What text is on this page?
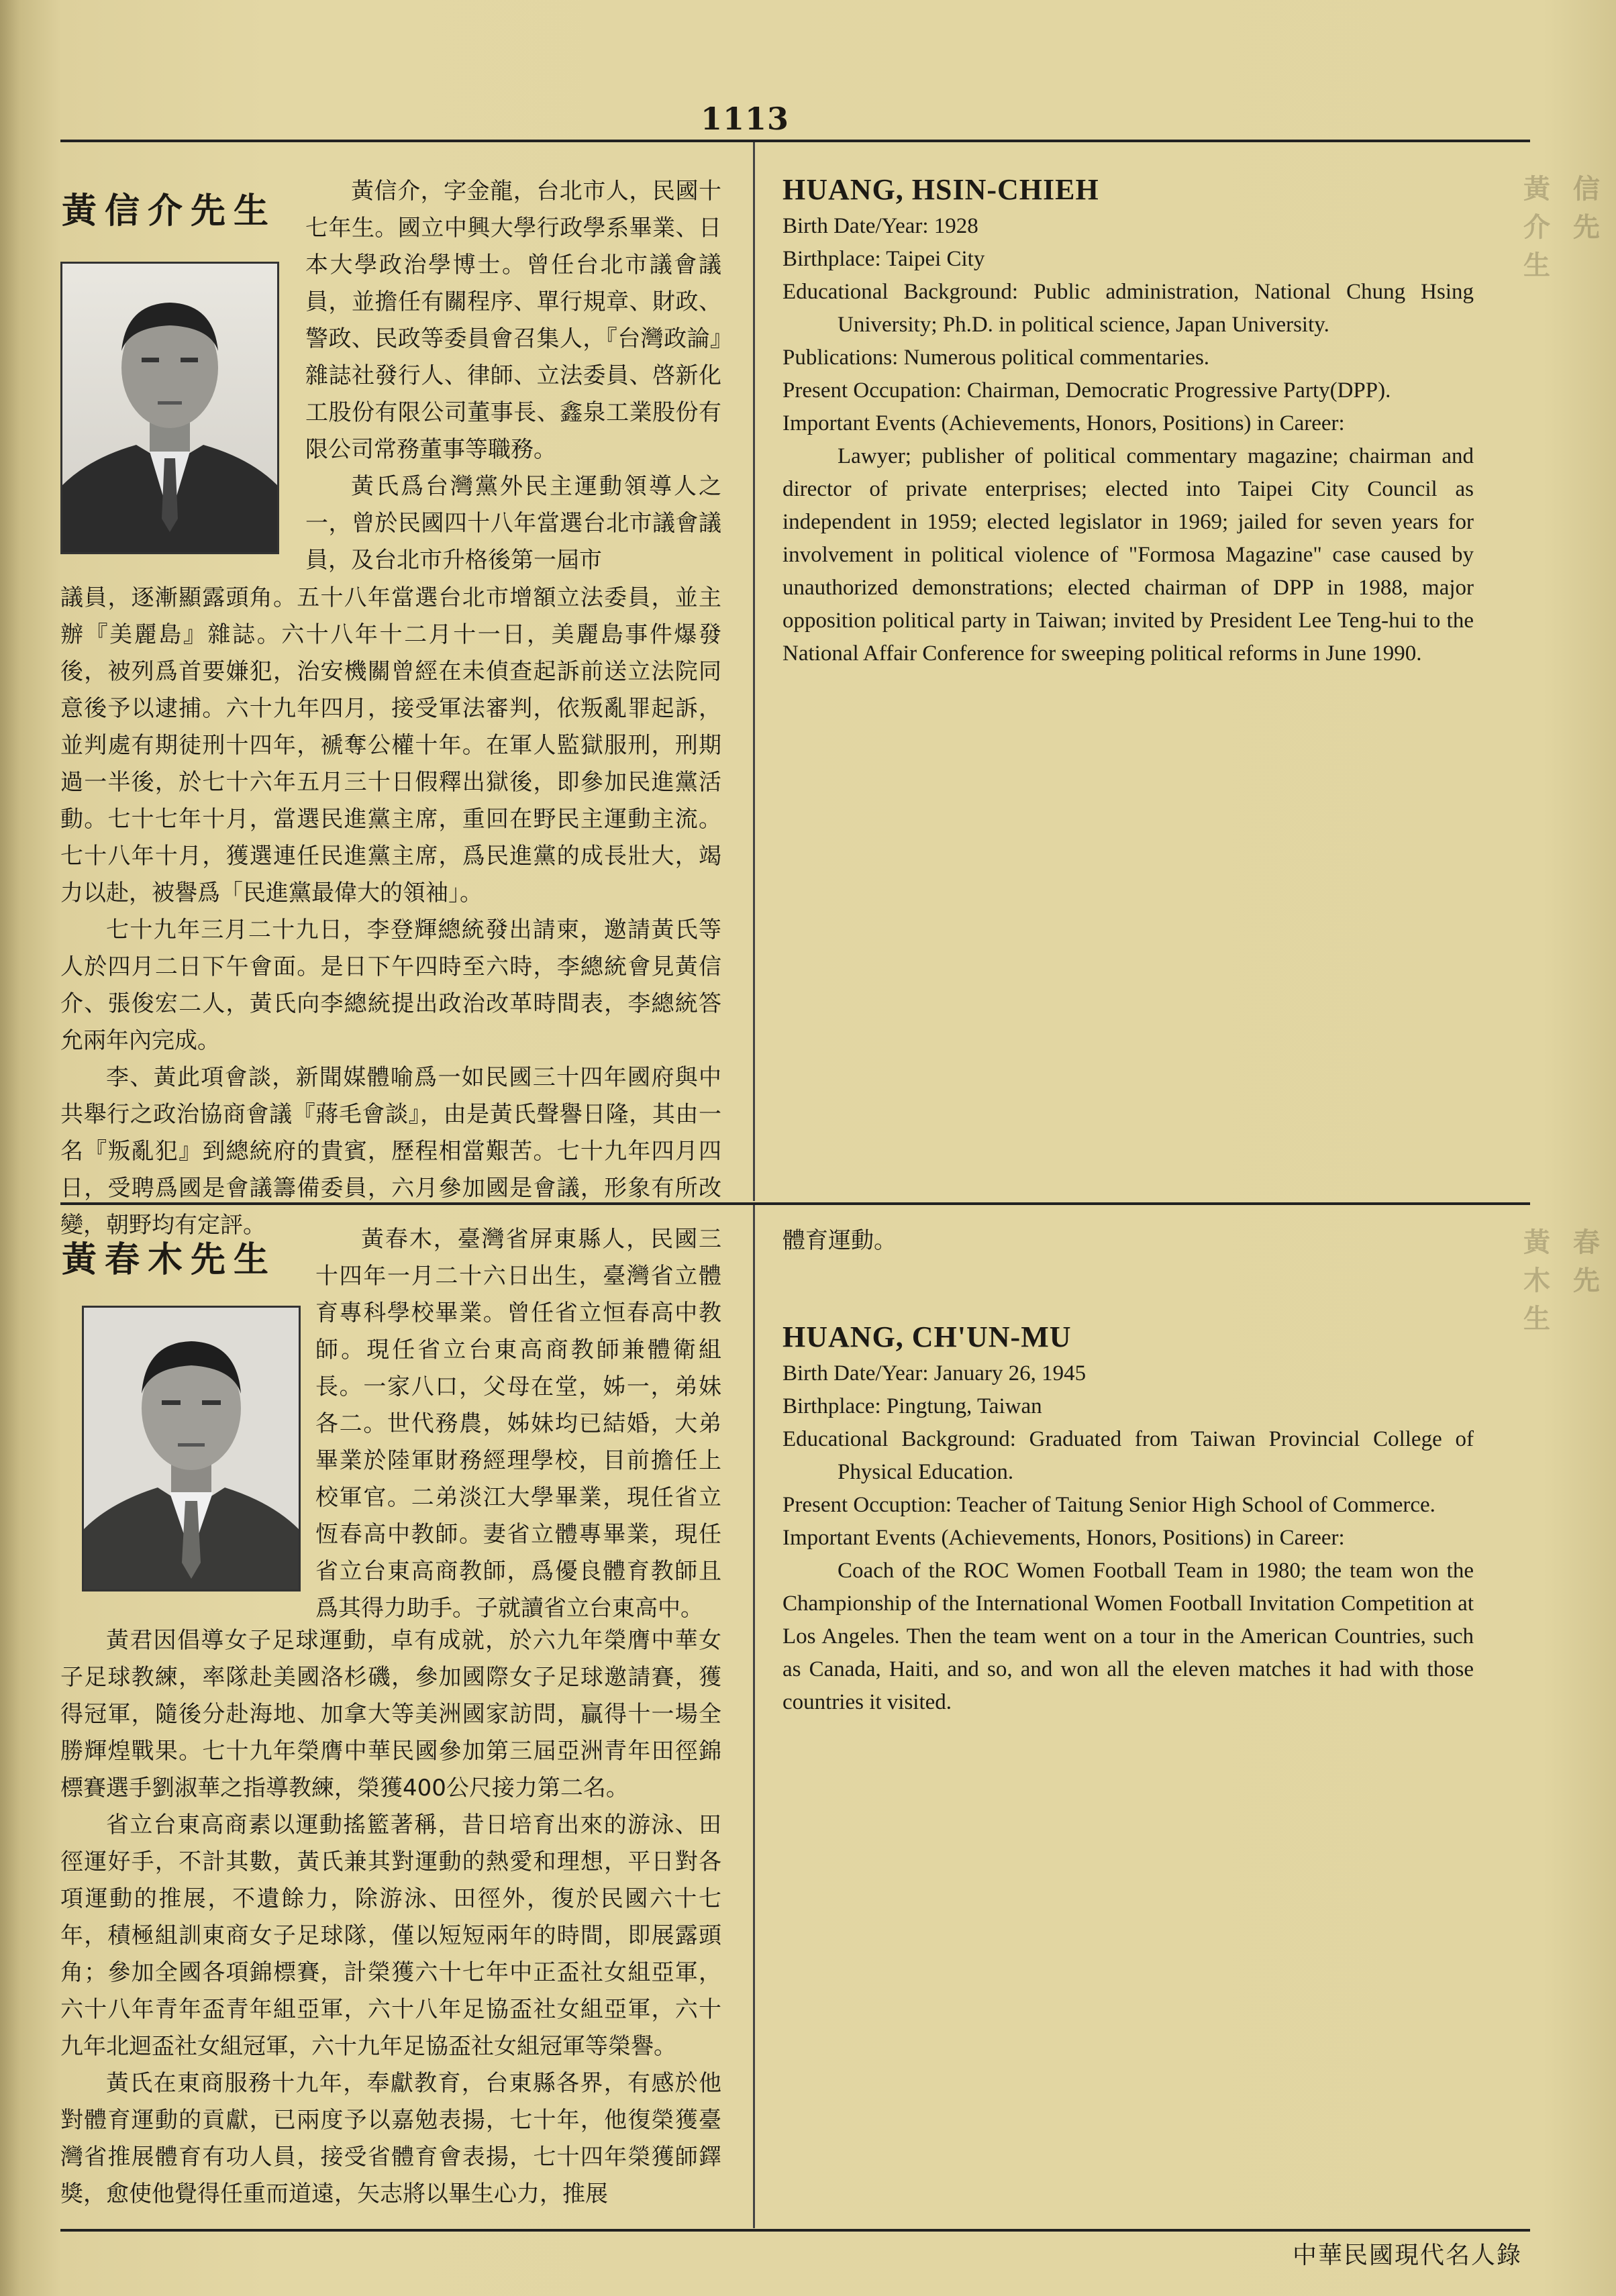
黃 信 介 先 生
黃 春 木 先 生
1113
黃信介先生	黃信介，字金龍，台北市人，民國十七年生。國立中興大學行政學系畢業、日本大學政治學博士。曾任台北市議會議員，並擔任有關程序、單行規章、財政、警政、民政等委員會召集人，『台灣政論』雜誌社發行人、律師、立法委員、啓新化工股份有限公司董事長、鑫泉工業股份有限公司常務董事等職務。

黃氏爲台灣黨外民主運動領導人之一，曾於民國四十八年當選台北市議會議員，及台北市升格後第一屆市

議員，逐漸顯露頭角。五十八年當選台北市增額立法委員，並主辦『美麗島』雜誌。六十八年十二月十一日，美麗島事件爆發後，被列爲首要嫌犯，治安機關曾經在未偵查起訴前送立法院同意後予以逮捕。六十九年四月，接受軍法審判，依叛亂罪起訴，並判處有期徒刑十四年，褫奪公權十年。在軍人監獄服刑，刑期過一半後，於七十六年五月三十日假釋出獄後，即參加民進黨活動。七十七年十月，當選民進黨主席，重回在野民主運動主流。七十八年十月，獲選連任民進黨主席，爲民進黨的成長壯大，竭力以赴，被譽爲「民進黨最偉大的領袖」。

七十九年三月二十九日，李登輝總統發出請柬，邀請黃氏等人於四月二日下午會面。是日下午四時至六時，李總統會見黃信介、張俊宏二人，黃氏向李總統提出政治改革時間表，李總統答允兩年內完成。

李、黃此項會談，新聞媒體喻爲一如民國三十四年國府與中共舉行之政治協商會議『蔣毛會談』，由是黃氏聲譽日隆，其由一名『叛亂犯』到總統府的貴賓，歷程相當艱苦。七十九年四月四日，受聘爲國是會議籌備委員，六月參加國是會議，形象有所改變，朝野均有定評。

HUANG, HSIN-CHIEH

Birth Date/Year: 1928

Birthplace: Taipei City

Educational Background: Public administration, National Chung Hsing University; Ph.D. in political science, Japan University.

Publications: Numerous political commentaries.

Present Occupation: Chairman, Democratic Progressive Party(DPP).

Important Events (Achievements, Honors, Positions) in Career:

Lawyer; publisher of political commentary magazine; chairman and director of private enterprises; elected into Taipei City Council as independent in 1959; elected legislator in 1969; jailed for seven years for involvement in political violence of "Formosa Magazine" case caused by unauthorized demonstrations; elected chairman of DPP in 1988, major opposition political party in Taiwan; invited by President Lee Teng-hui to the National Affair Conference for sweeping political reforms in June 1990.

黃春木先生

黃春木，臺灣省屏東縣人，民國三十四年一月二十六日出生，臺灣省立體育專科學校畢業。曾任省立恒春高中教師。現任省立台東高商教師兼體衛組長。一家八口，父母在堂，姊一，弟妹各二。世代務農，姊妹均已結婚，大弟畢業於陸軍財務經理學校，目前擔任上校軍官。二弟淡江大學畢業，現任省立恆春高中教師。妻省立體專畢業，現任省立台東高商教師，爲優良體育教師且爲其得力助手。子就讀省立台東高中。

黃君因倡導女子足球運動，卓有成就，於六九年榮膺中華女子足球教練，率隊赴美國洛杉磯，參加國際女子足球邀請賽，獲得冠軍，隨後分赴海地、加拿大等美洲國家訪問，贏得十一場全勝輝煌戰果。七十九年榮膺中華民國參加第三屆亞洲青年田徑錦標賽選手劉淑華之指導教練，榮獲400公尺接力第二名。

省立台東高商素以運動搖籃著稱，昔日培育出來的游泳、田徑運好手，不計其數，黃氏兼其對運動的熱愛和理想，平日對各項運動的推展，不遺餘力，除游泳、田徑外，復於民國六十七年，積極組訓東商女子足球隊，僅以短短兩年的時間，即展露頭角；參加全國各項錦標賽，計榮獲六十七年中正盃社女組亞軍，六十八年青年盃青年組亞軍，六十八年足協盃社女組亞軍，六十九年北迴盃社女組冠軍，六十九年足協盃社女組冠軍等榮譽。

黃氏在東商服務十九年，奉獻教育，台東縣各界，有感於他對體育運動的貢獻，已兩度予以嘉勉表揚，七十年，他復榮獲臺灣省推展體育有功人員，接受省體育會表揚，七十四年榮獲師鐸獎，愈使他覺得任重而道遠，矢志將以畢生心力，推展

體育運動。

HUANG, CH'UN-MU

Birth Date/Year: January 26, 1945

Birthplace: Pingtung, Taiwan

Educational Background: Graduated from Taiwan Provincial College of Physical Education.

Present Occuption: Teacher of Taitung Senior High School of Commerce.

Important Events (Achievements, Honors, Positions) in Career:

Coach of the ROC Women Football Team in 1980; the team won the Championship of the International Women Football Invitation Competition at Los Angeles. Then the team went on a tour in the American Countries, such as Canada, Haiti, and so, and won all the eleven matches it had with those countries it visited.

中華民國現代名人錄
